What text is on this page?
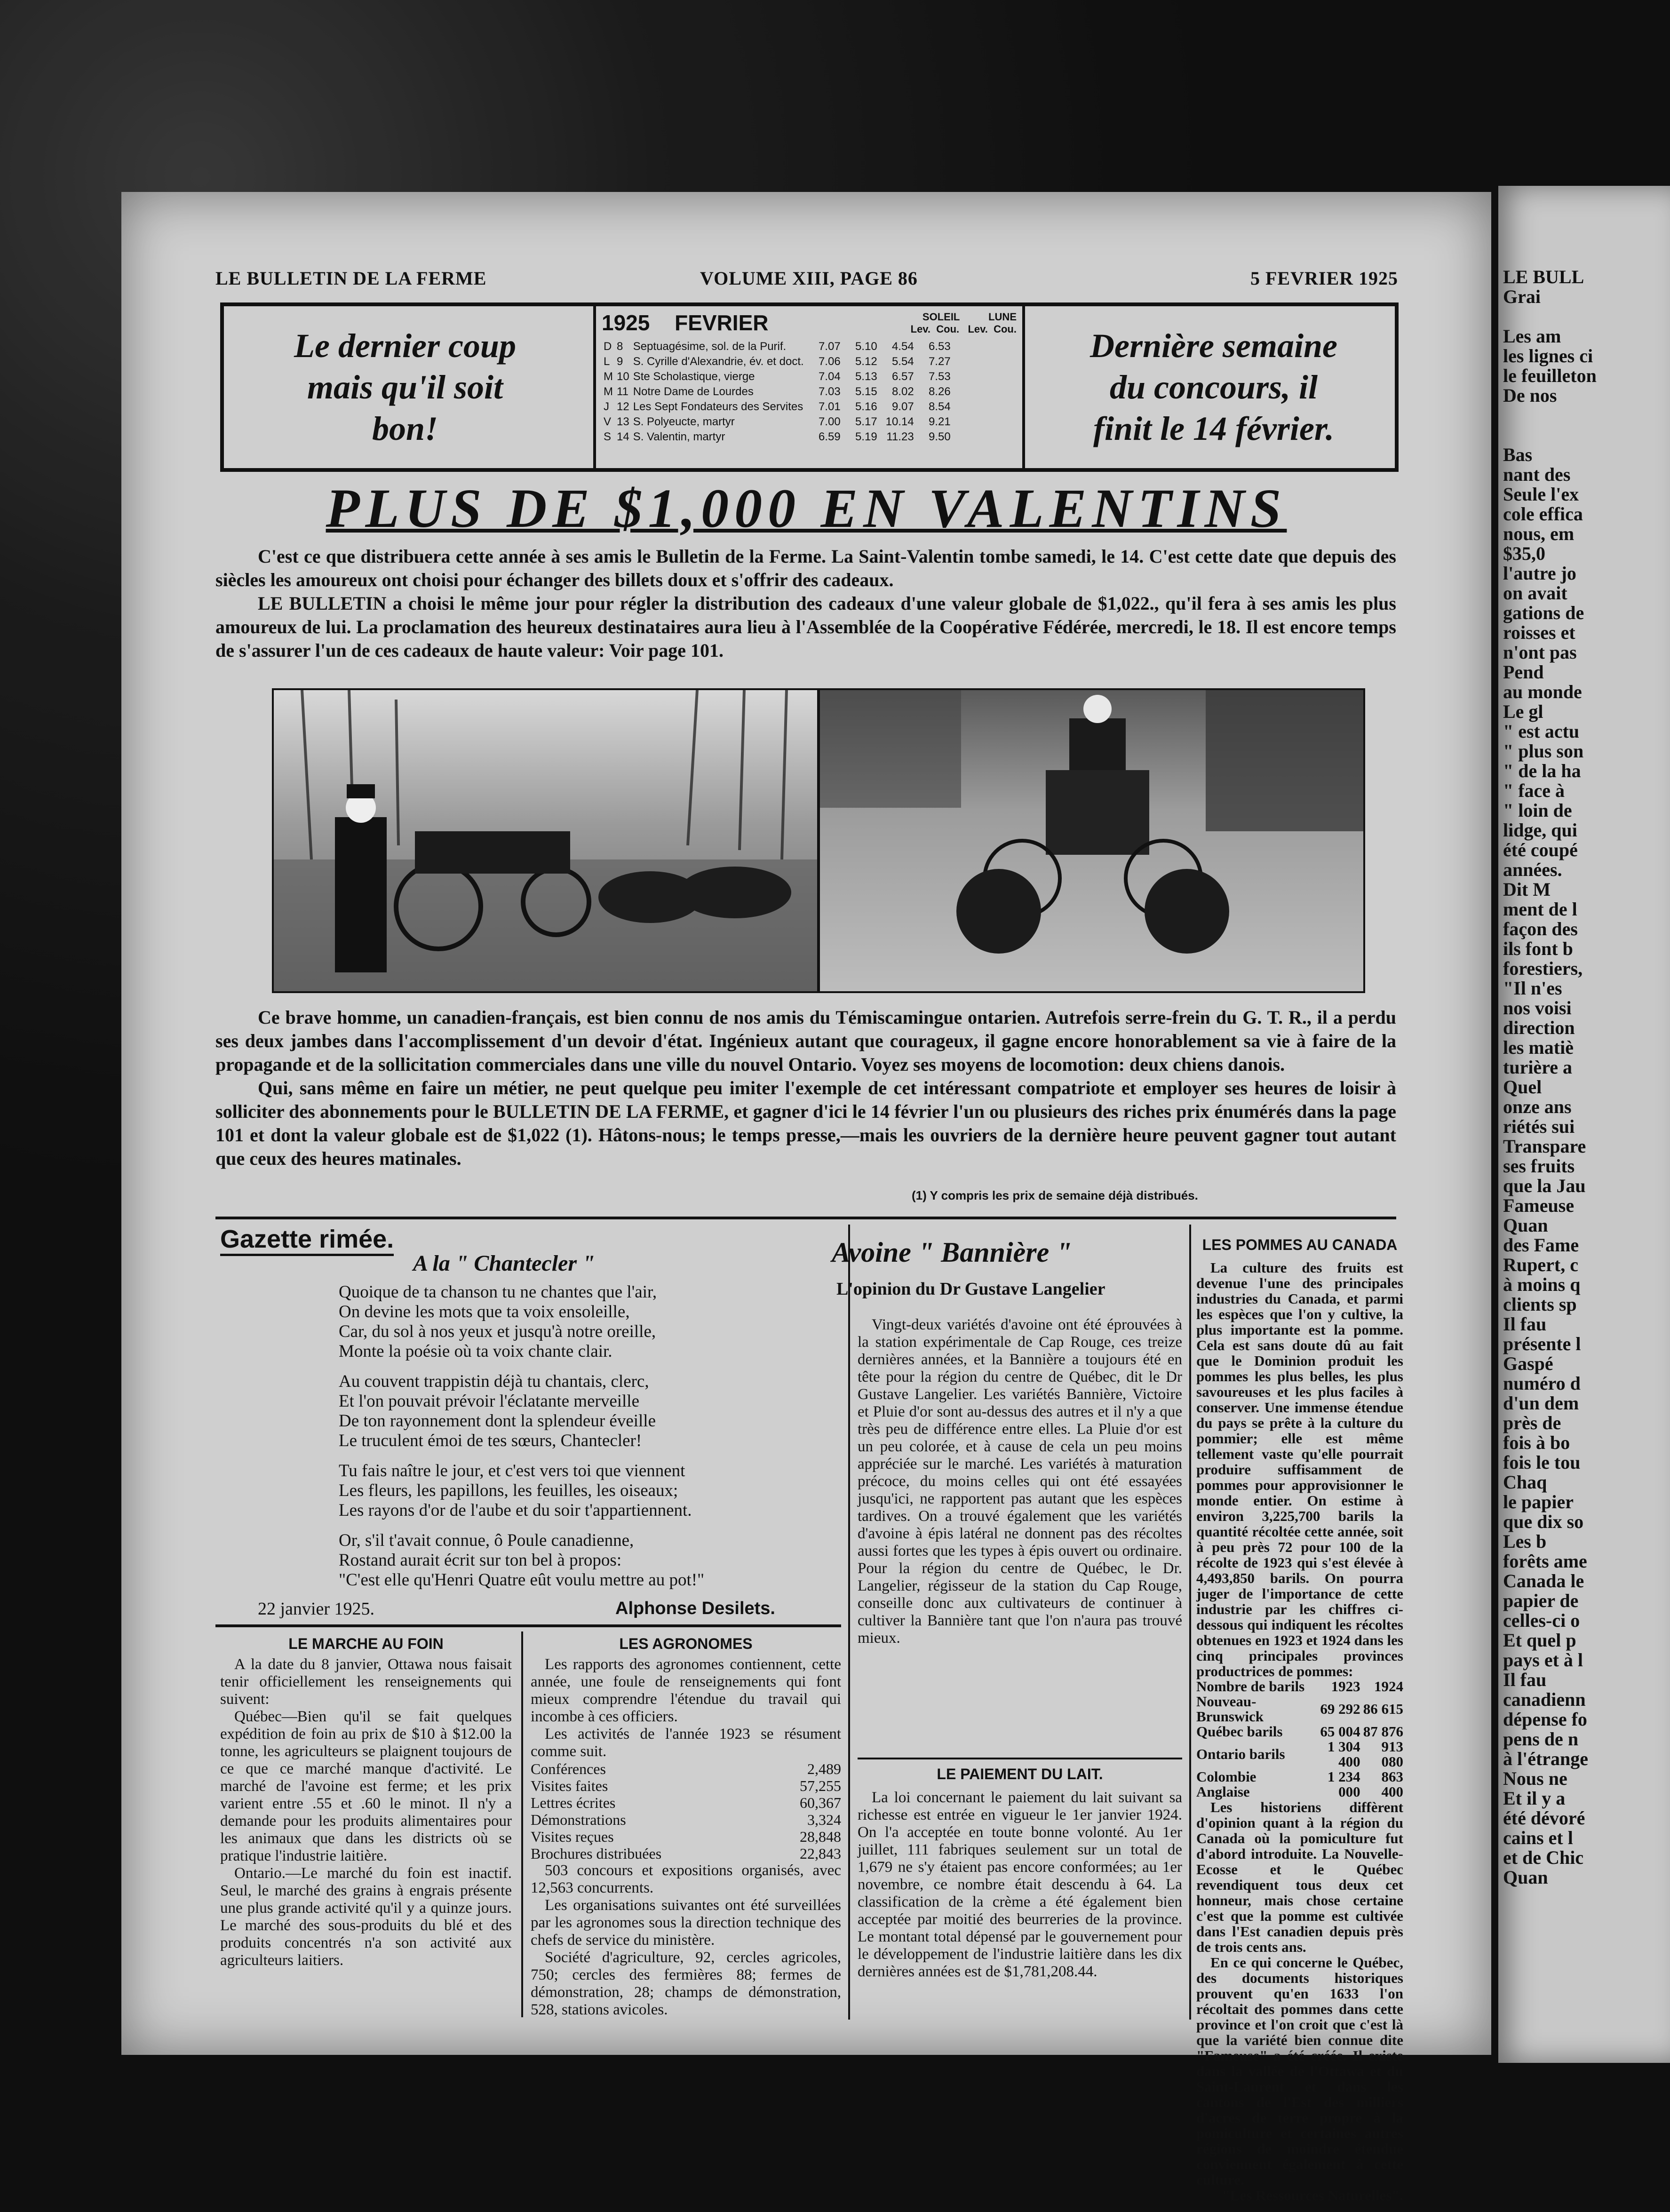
LE BULL
Grai
Les am
les lignes ci
le feuilleton
De nos
Bas
nant des
Seule l'ex
cole effica
nous, em
$35,0
l'autre jo
on avait
gations de
roisses et
n'ont pas
Pend
au monde
Le gl
" est actu
" plus son
" de la ha
" face à
" loin de
lidge, qui
été coupé
années.
Dit M
ment de l
façon des
ils font b
forestiers,
"Il n'es
nos voisi
direction
les matiè
turière a
Quel
onze ans
riétés sui
Transpare
ses fruits
que la Jau
Fameuse
Quan
des Fame
Rupert, c
à moins q
clients sp
Il fau
présente l
Gaspé
numéro d
d'un dem
près de
fois à bo
fois le tou
Chaq
le papier
que dix so
Les b
forêts ame
Canada le
papier de
celles-ci o
Et quel p
pays et à l
Il fau
canadienn
dépense fo
pens de n
à l'étrange
Nous ne
Et il y a
été dévoré
cains et l
et de Chic
Quan
LE BULLETIN DE LA FERME	VOLUME XIII, PAGE 86	5 FEVRIER 1925
Le dernier coup
mais qu'il soit
bon!
1925 FEVRIER	SOLEIL	LUNE
Lev. Cou. Lev. Cou.
D	8	Septuagésime, sol. de la Purif.	7.07	5.10	4.54	6.53
L	9	S. Cyrille d'Alexandrie, év. et doct.	7.06	5.12	5.54	7.27
M	10	Ste Scholastique, vierge	7.04	5.13	6.57	7.53
M	11	Notre Dame de Lourdes	7.03	5.15	8.02	8.26
J	12	Les Sept Fondateurs des Servites	7.01	5.16	9.07	8.54
V	13	S. Polyeucte, martyr	7.00	5.17	10.14	9.21
S	14	S. Valentin, martyr	6.59	5.19	11.23	9.50
Dernière semaine
du concours, il
finit le 14 février.
PLUS DE $1,000 EN VALENTINS

C'est ce que distribuera cette année à ses amis le Bulletin de la Ferme. La Saint-Valentin tombe samedi, le 14. C'est cette date que depuis des siècles les amoureux ont choisi pour échanger des billets doux et s'offrir des cadeaux.

LE BULLETIN a choisi le même jour pour régler la distribution des cadeaux d'une valeur globale de $1,022., qu'il fera à ses amis les plus amoureux de lui. La proclamation des heureux destinataires aura lieu à l'Assemblée de la Coopérative Fédérée, mercredi, le 18. Il est encore temps de s'assurer l'un de ces cadeaux de haute valeur: Voir page 101.

Ce brave homme, un canadien-français, est bien connu de nos amis du Témiscamingue ontarien. Autrefois serre-frein du G. T. R., il a perdu ses deux jambes dans l'accomplissement d'un devoir d'état. Ingénieux autant que courageux, il gagne encore honorablement sa vie à faire de la propagande et de la sollicitation commerciales dans une ville du nouvel Ontario. Voyez ses moyens de locomotion: deux chiens danois.

Qui, sans même en faire un métier, ne peut quelque peu imiter l'exemple de cet intéressant compatriote et employer ses heures de loisir à solliciter des abonnements pour le BULLETIN DE LA FERME, et gagner d'ici le 14 février l'un ou plusieurs des riches prix énumérés dans la page 101 et dont la valeur globale est de $1,022 (1). Hâtons-nous; le temps presse,—mais les ouvriers de la dernière heure peuvent gagner tout autant que ceux des heures matinales.

(1) Y compris les prix de semaine déjà distribués.
Gazette rimée.
A la " Chantecler "
Quoique de ta chanson tu ne chantes que l'air,
On devine les mots que ta voix ensoleille,
Car, du sol à nos yeux et jusqu'à notre oreille,
Monte la poésie où ta voix chante clair.
Au couvent trappistin déjà tu chantais, clerc,
Et l'on pouvait prévoir l'éclatante merveille
De ton rayonnement dont la splendeur éveille
Le truculent émoi de tes sœurs, Chantecler!
Tu fais naître le jour, et c'est vers toi que viennent
Les fleurs, les papillons, les feuilles, les oiseaux;
Les rayons d'or de l'aube et du soir t'appartiennent.
Or, s'il t'avait connue, ô Poule canadienne,
Rostand aurait écrit sur ton bel à propos:
"C'est elle qu'Henri Quatre eût voulu mettre au pot!"
22 janvier 1925.	Alphonse Desilets.
LE MARCHE AU FOIN

A la date du 8 janvier, Ottawa nous faisait tenir officiellement les renseignements qui suivent:

Québec—Bien qu'il se fait quelques expédition de foin au prix de $10 à $12.00 la tonne, les agriculteurs se plaignent toujours de ce que ce marché manque d'activité. Le marché de l'avoine est ferme; et les prix varient entre .55 et .60 le minot. Il n'y a demande pour les produits alimentaires pour les animaux que dans les districts où se pratique l'industrie laitière.

Ontario.—Le marché du foin est inactif. Seul, le marché des grains à engrais présente une plus grande activité qu'il y a quinze jours. Le marché des sous-produits du blé et des produits concentrés n'a son activité aux agriculteurs laitiers.

LES AGRONOMES

Les rapports des agronomes contiennent, cette année, une foule de renseignements qui font mieux comprendre l'étendue du travail qui incombe à ces officiers.

Les activités de l'année 1923 se résument comme suit.

Conférences	2,489
Visites faites	57,255
Lettres écrites	60,367
Démonstrations	3,324
Visites reçues	28,848
Brochures distribuées	22,843

503 concours et expositions organisés, avec 12,563 concurrents.

Les organisations suivantes ont été surveillées par les agronomes sous la direction technique des chefs de service du ministère.

Société d'agriculture, 92, cercles agricoles, 750; cercles des fermières 88; fermes de démonstration, 28; champs de démonstration, 528, stations avicoles.

Avoine " Bannière "
L'opinion du Dr Gustave Langelier

Vingt-deux variétés d'avoine ont été éprouvées à la station expérimentale de Cap Rouge, ces treize dernières années, et la Bannière a toujours été en tête pour la région du centre de Québec, dit le Dr Gustave Langelier. Les variétés Bannière, Victoire et Pluie d'or sont au-dessus des autres et il n'y a que très peu de différence entre elles. La Pluie d'or est un peu colorée, et à cause de cela un peu moins appréciée sur le marché. Les variétés à maturation précoce, du moins celles qui ont été essayées jusqu'ici, ne rapportent pas autant que les espèces tardives. On a trouvé également que les variétés d'avoine à épis latéral ne donnent pas des récoltes aussi fortes que les types à épis ouvert ou ordinaire. Pour la région du centre de Québec, le Dr. Langelier, régisseur de la station du Cap Rouge, conseille donc aux cultivateurs de continuer à cultiver la Bannière tant que l'on n'aura pas trouvé mieux.

LE PAIEMENT DU LAIT.

La loi concernant le paiement du lait suivant sa richesse est entrée en vigueur le 1er janvier 1924. On l'a acceptée en toute bonne volonté. Au 1er juillet, 111 fabriques seulement sur un total de 1,679 ne s'y étaient pas encore conformées; au 1er novembre, ce nombre était descendu à 64. La classification de la crème a été également bien acceptée par moitié des beurreries de la province. Le montant total dépensé par le gouvernement pour le développement de l'industrie laitière dans les dix dernières années est de $1,781,208.44.

LES POMMES AU CANADA

La culture des fruits est devenue l'une des principales industries du Canada, et parmi les espèces que l'on y cultive, la plus importante est la pomme. Cela est sans doute dû au fait que le Dominion produit les pommes les plus belles, les plus savoureuses et les plus faciles à conserver. Une immense étendue du pays se prête à la culture du pommier; elle est même tellement vaste qu'elle pourrait produire suffisamment de pommes pour approvisionner le monde entier. On estime à environ 3,225,700 barils la quantité récoltée cette année, soit à peu près 72 pour 100 de la récolte de 1923 qui s'est élevée à 4,493,850 barils. On pourra juger de l'importance de cette industrie par les chiffres ci-dessous qui indiquent les récoltes obtenues en 1923 et 1924 dans les cinq principales provinces productrices de pommes:

Nombre de barils	1923	1924
Nouveau-Brunswick	69 292	86 615
Québec barils	65 004	87 876
Ontario barils	1 304 400	913 080
Colombie Anglaise	1 234 000	863 400

Les historiens diffèrent d'opinion quant à la région du Canada où la pomiculture fut d'abord introduite. La Nouvelle-Ecosse et le Québec revendiquent tous deux cet honneur, mais chose certaine c'est que la pomme est cultivée dans l'Est canadien depuis près de trois cents ans.

En ce qui concerne le Québec, des documents historiques prouvent qu'en 1633 l'on récoltait des pommes dans cette province et l'on croit que c'est là que la variété bien connue dite "Fameuse" a été créée. Il existe dans la vallée de l'Ottawa et du Saint-Laurent et dans les cantons de l'Est des milliers d'acres de terre propre à la pomiculture et certaines autres régions de moindre étendue conviennent également à cette culture.

"Les Ressources Naturelles".
